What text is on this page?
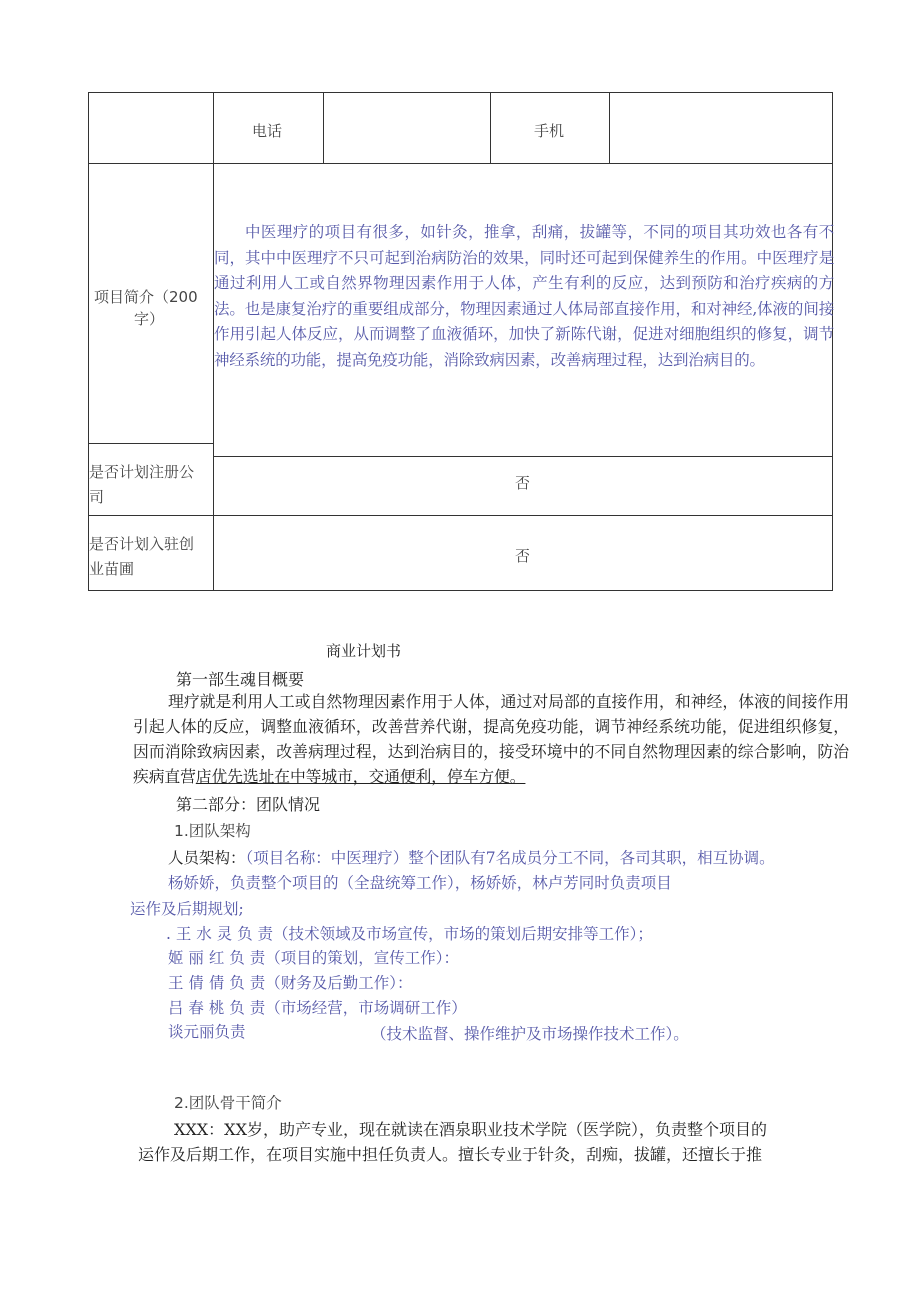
电话	手机
项目简介（200
字）
中医理疗的项目有很多，如针灸，推拿，刮痛，拔罐等，不同的项目其功效也各有不同，其中中医理疗不只可起到治病防治的效果，同时还可起到保健养生的作用。中医理疗是通过利用人工或自然界物理因素作用于人体，产生有利的反应，达到预防和治疗疾病的方法。也是康复治疗的重要组成部分，物理因素通过人体局部直接作用，和对神经,体液的间接作用引起人体反应，从而调整了血液循环，加快了新陈代谢，促进对细胞组织的修复，调节神经系统的功能，提高免疫功能，消除致病因素，改善病理过程，达到治病目的。
是否计划注册公
司
否
是否计划入驻创
业苗圃
否
商业计划书
第一部生魂目概要
理疗就是利用人工或自然物理因素作用于人体，通过对局部的直接作用，和神经，体液的间接作用引起人体的反应，调整血液循环，改善营养代谢，提高免疫功能，调节神经系统功能，促进组织修复，因而消除致病因素，改善病理过程，达到治病目的，接受环境中的不同自然物理因素的综合影响，防治疾病直营店优先选址在中等城市，交通便利，停车方便。
第二部分：团队情况
1.团队架构
人员架构：（项目名称：中医理疗）整个团队有7名成员分工不同，各司其职，相互协调。
杨娇娇，负责整个项目的（全盘统筹工作），杨娇娇，林卢芳同时负责项目
运作及后期规划;
. 王 水 灵 负 责（技术领域及市场宣传，市场的策划后期安排等工作）；
姬 丽 红 负 责（项目的策划，宣传工作）：
王 倩 倩 负 责（财务及后勤工作）：
吕 春 桃 负 责（市场经营，市场调研工作）
谈元丽负责	（技术监督、操作维护及市场操作技术工作）。
2.团队骨干简介
XXX：XX岁，助产专业，现在就读在酒泉职业技术学院（医学院），负责整个项目的
运作及后期工作，在项目实施中担任负责人。擅长专业于针灸，刮痴，拔罐，还擅长于推
